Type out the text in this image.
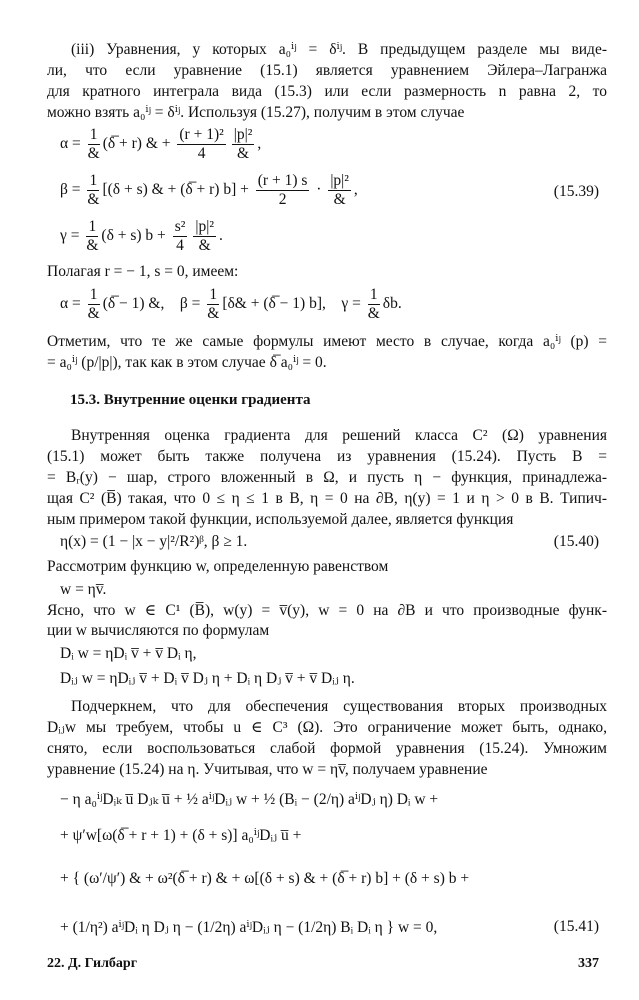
(iii) Уравнения, у которых a₀ⁱʲ = δⁱʲ. В предыдущем разделе мы виде-
ли, что если уравнение (15.1) является уравнением Эйлера–Лагранжа
для кратного интеграла вида (15.3) или если размерность n равна 2, то
можно взять a₀ⁱʲ = δⁱʲ. Используя (15.27), получим в этом случае
$\alpha = \frac{1}{\&}$ (δ̅ + r) & + $\frac{\text{(r + 1)²}}{4} \frac{\text{|p|²}}{\&}$ ,
$\beta = \frac{1}{\&} [(\delta + s)$ & + (δ̅ + r) $b] + \frac{(r + 1) s}{2} \cdot \frac{\text{|p|²}}{\&}$ ,	(15.39)
$\gamma = \frac{1}{\&} (\delta + s) b + \frac{\text{s²}}{4} \frac{\text{|p|²}}{\&}$ .
Полагая r = − 1, s = 0, имеем:
$\alpha = \frac{1}{\&}$ (δ̅ − 1) &, $\beta = \frac{1}{\&}$ [δ& + (δ̅ − 1) b], $\gamma = \frac{1}{\&} \delta b$.
Отметим, что те же самые формулы имеют место в случае, когда a₀ⁱʲ (p) =
= a₀ⁱʲ (p/|p|), так как в этом случае δ̅ a₀ⁱʲ = 0.
15.3. Внутренние оценки градиента
Внутренняя оценка градиента для решений класса C² (Ω) уравнения
(15.1) может быть также получена из уравнения (15.24). Пусть B =
= Bᵣ(y) − шар, строго вложенный в Ω, и пусть η − функция, принадлежа-
щая C² (B̅) такая, что 0 ≤ η ≤ 1 в B, η = 0 на ∂B, η(y) = 1 и η > 0 в B. Типич-
ным примером такой функции, используемой далее, является функция
η(x) = (1 − |x − y|²/R²)ᵝ, β ≥ 1.	(15.40)
Рассмотрим функцию w, определенную равенством
w = ηv̅.
Ясно, что w ∈ C¹ (B̅), w(y) = v̅(y), w = 0 на ∂B и что производные функ-
ции w вычисляются по формулам
Dᵢ w = ηDᵢ v̅ + v̅ Dᵢ η,
Dᵢⱼ w = ηDᵢⱼ v̅ + Dᵢ v̅ Dⱼ η + Dᵢ η Dⱼ v̅ + v̅ Dᵢⱼ η.
Подчеркнем, что для обеспечения существования вторых производных
Dᵢⱼw мы требуем, чтобы u ∈ C³ (Ω). Это ограничение может быть, однако,
снято, если воспользоваться слабой формой уравнения (15.24). Умножим
уравнение (15.24) на η. Учитывая, что w = ηv̅, получаем уравнение
− η a₀ⁱʲDᵢₖ u̅ Dⱼₖ u̅ + ½ aⁱʲDᵢⱼ w + ½ (Bᵢ − (2/η) aⁱʲDⱼ η) Dᵢ w +
+ ψ′w[ω(δ̅ + r + 1) + (δ + s)] a₀ⁱʲDᵢⱼ u̅ +
+ { (ω′/ψ′) & + ω²(δ̅ + r) & + ω[(δ + s) & + (δ̅ + r) b] + (δ + s) b +
+ (1/η²) aⁱʲDᵢ η Dⱼ η − (1/2η) aⁱʲDᵢⱼ η − (1/2η) Bᵢ Dᵢ η } w = 0,	(15.41)
22. Д. Гилбарг	337
